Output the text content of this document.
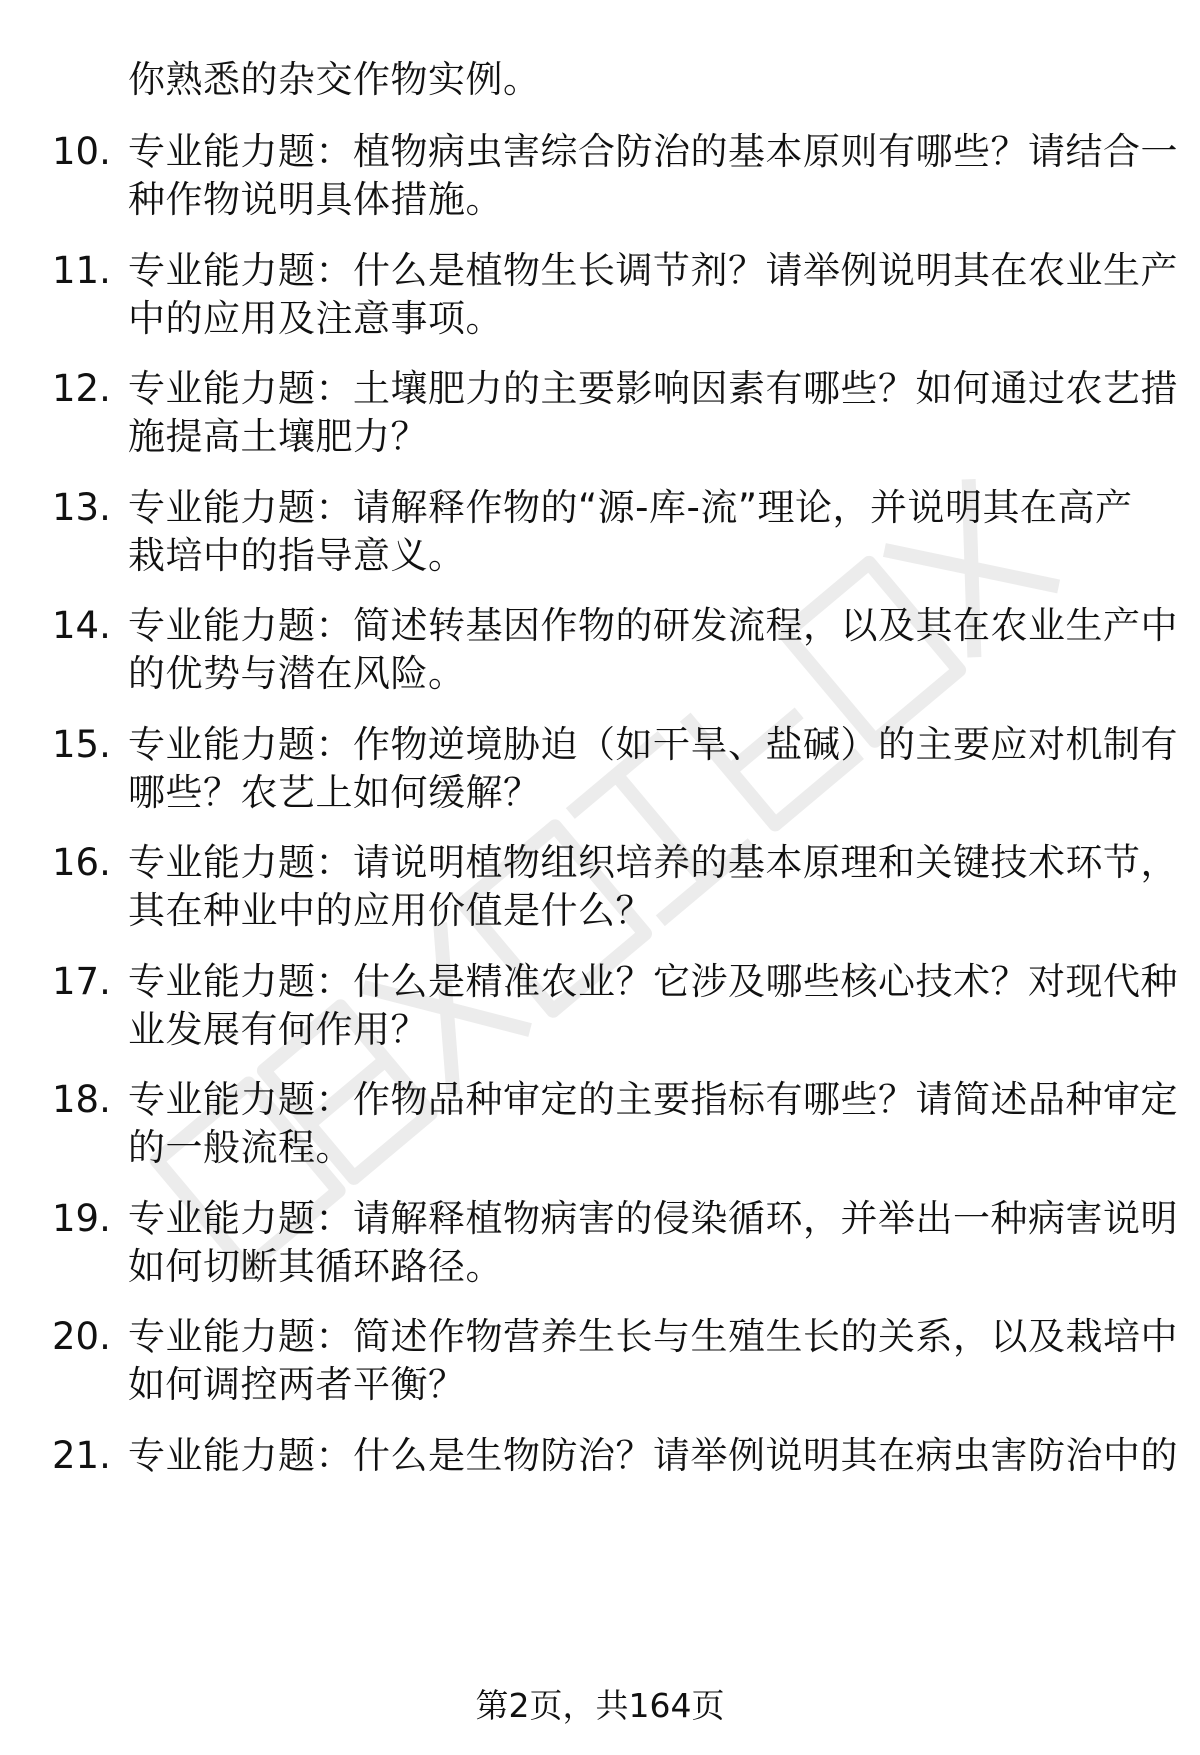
你熟悉的杂交作物实例。
10. 专业能力题：植物病虫害综合防治的基本原则有哪些？请结合一
种作物说明具体措施。
11. 专业能力题：什么是植物生长调节剂？请举例说明其在农业生产
中的应用及注意事项。
12. 专业能力题：土壤肥力的主要影响因素有哪些？如何通过农艺措
施提高土壤肥力？
13. 专业能力题：请解释作物的“源-库-流”理论，并说明其在高产
栽培中的指导意义。
14. 专业能力题：简述转基因作物的研发流程，以及其在农业生产中
的优势与潜在风险。
15. 专业能力题：作物逆境胁迫（如干旱、盐碱）的主要应对机制有
哪些？农艺上如何缓解？
16. 专业能力题：请说明植物组织培养的基本原理和关键技术环节，
其在种业中的应用价值是什么？
17. 专业能力题：什么是精准农业？它涉及哪些核心技术？对现代种
业发展有何作用？
18. 专业能力题：作物品种审定的主要指标有哪些？请简述品种审定
的一般流程。
19. 专业能力题：请解释植物病害的侵染循环，并举出一种病害说明
如何切断其循环路径。
20. 专业能力题：简述作物营养生长与生殖生长的关系，以及栽培中
如何调控两者平衡？
21. 专业能力题：什么是生物防治？请举例说明其在病虫害防治中的
第2页，共164页
